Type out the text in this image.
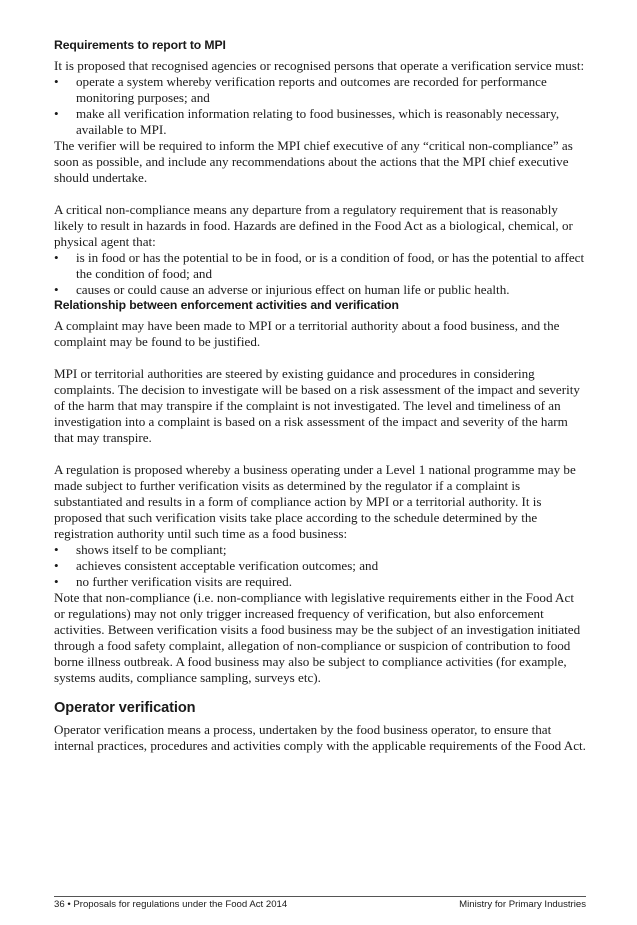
Requirements to report to MPI

It is proposed that recognised agencies or recognised persons that operate a verification service must:

• operate a system whereby verification reports and outcomes are recorded for performance monitoring purposes; and
• make all verification information relating to food businesses, which is reasonably necessary, available to MPI.

The verifier will be required to inform the MPI chief executive of any “critical non-compliance” as soon as possible, and include any recommendations about the actions that the MPI chief executive should undertake.

A critical non-compliance means any departure from a regulatory requirement that is reasonably likely to result in hazards in food. Hazards are defined in the Food Act as a biological, chemical, or physical agent that:

• is in food or has the potential to be in food, or is a condition of food, or has the potential to affect the condition of food; and
• causes or could cause an adverse or injurious effect on human life or public health.
Relationship between enforcement activities and verification

A complaint may have been made to MPI or a territorial authority about a food business, and the complaint may be found to be justified.

MPI or territorial authorities are steered by existing guidance and procedures in considering complaints. The decision to investigate will be based on a risk assessment of the impact and severity of the harm that may transpire if the complaint is not investigated. The level and timeliness of an investigation into a complaint is based on a risk assessment of the impact and severity of the harm that may transpire.

A regulation is proposed whereby a business operating under a Level 1 national programme may be made subject to further verification visits as determined by the regulator if a complaint is substantiated and results in a form of compliance action by MPI or a territorial authority. It is proposed that such verification visits take place according to the schedule determined by the registration authority until such time as a food business:

• shows itself to be compliant;
• achieves consistent acceptable verification outcomes; and
• no further verification visits are required.

Note that non-compliance (i.e. non-compliance with legislative requirements either in the Food Act or regulations) may not only trigger increased frequency of verification, but also enforcement activities. Between verification visits a food business may be the subject of an investigation initiated through a food safety complaint, allegation of non-compliance or suspicion of contribution to food borne illness outbreak. A food business may also be subject to compliance activities (for example, systems audits, compliance sampling, surveys etc).

Operator verification

Operator verification means a process, undertaken by the food business operator, to ensure that internal practices, procedures and activities comply with the applicable requirements of the Food Act.

36 • Proposals for regulations under the Food Act 2014	Ministry for Primary Industries
